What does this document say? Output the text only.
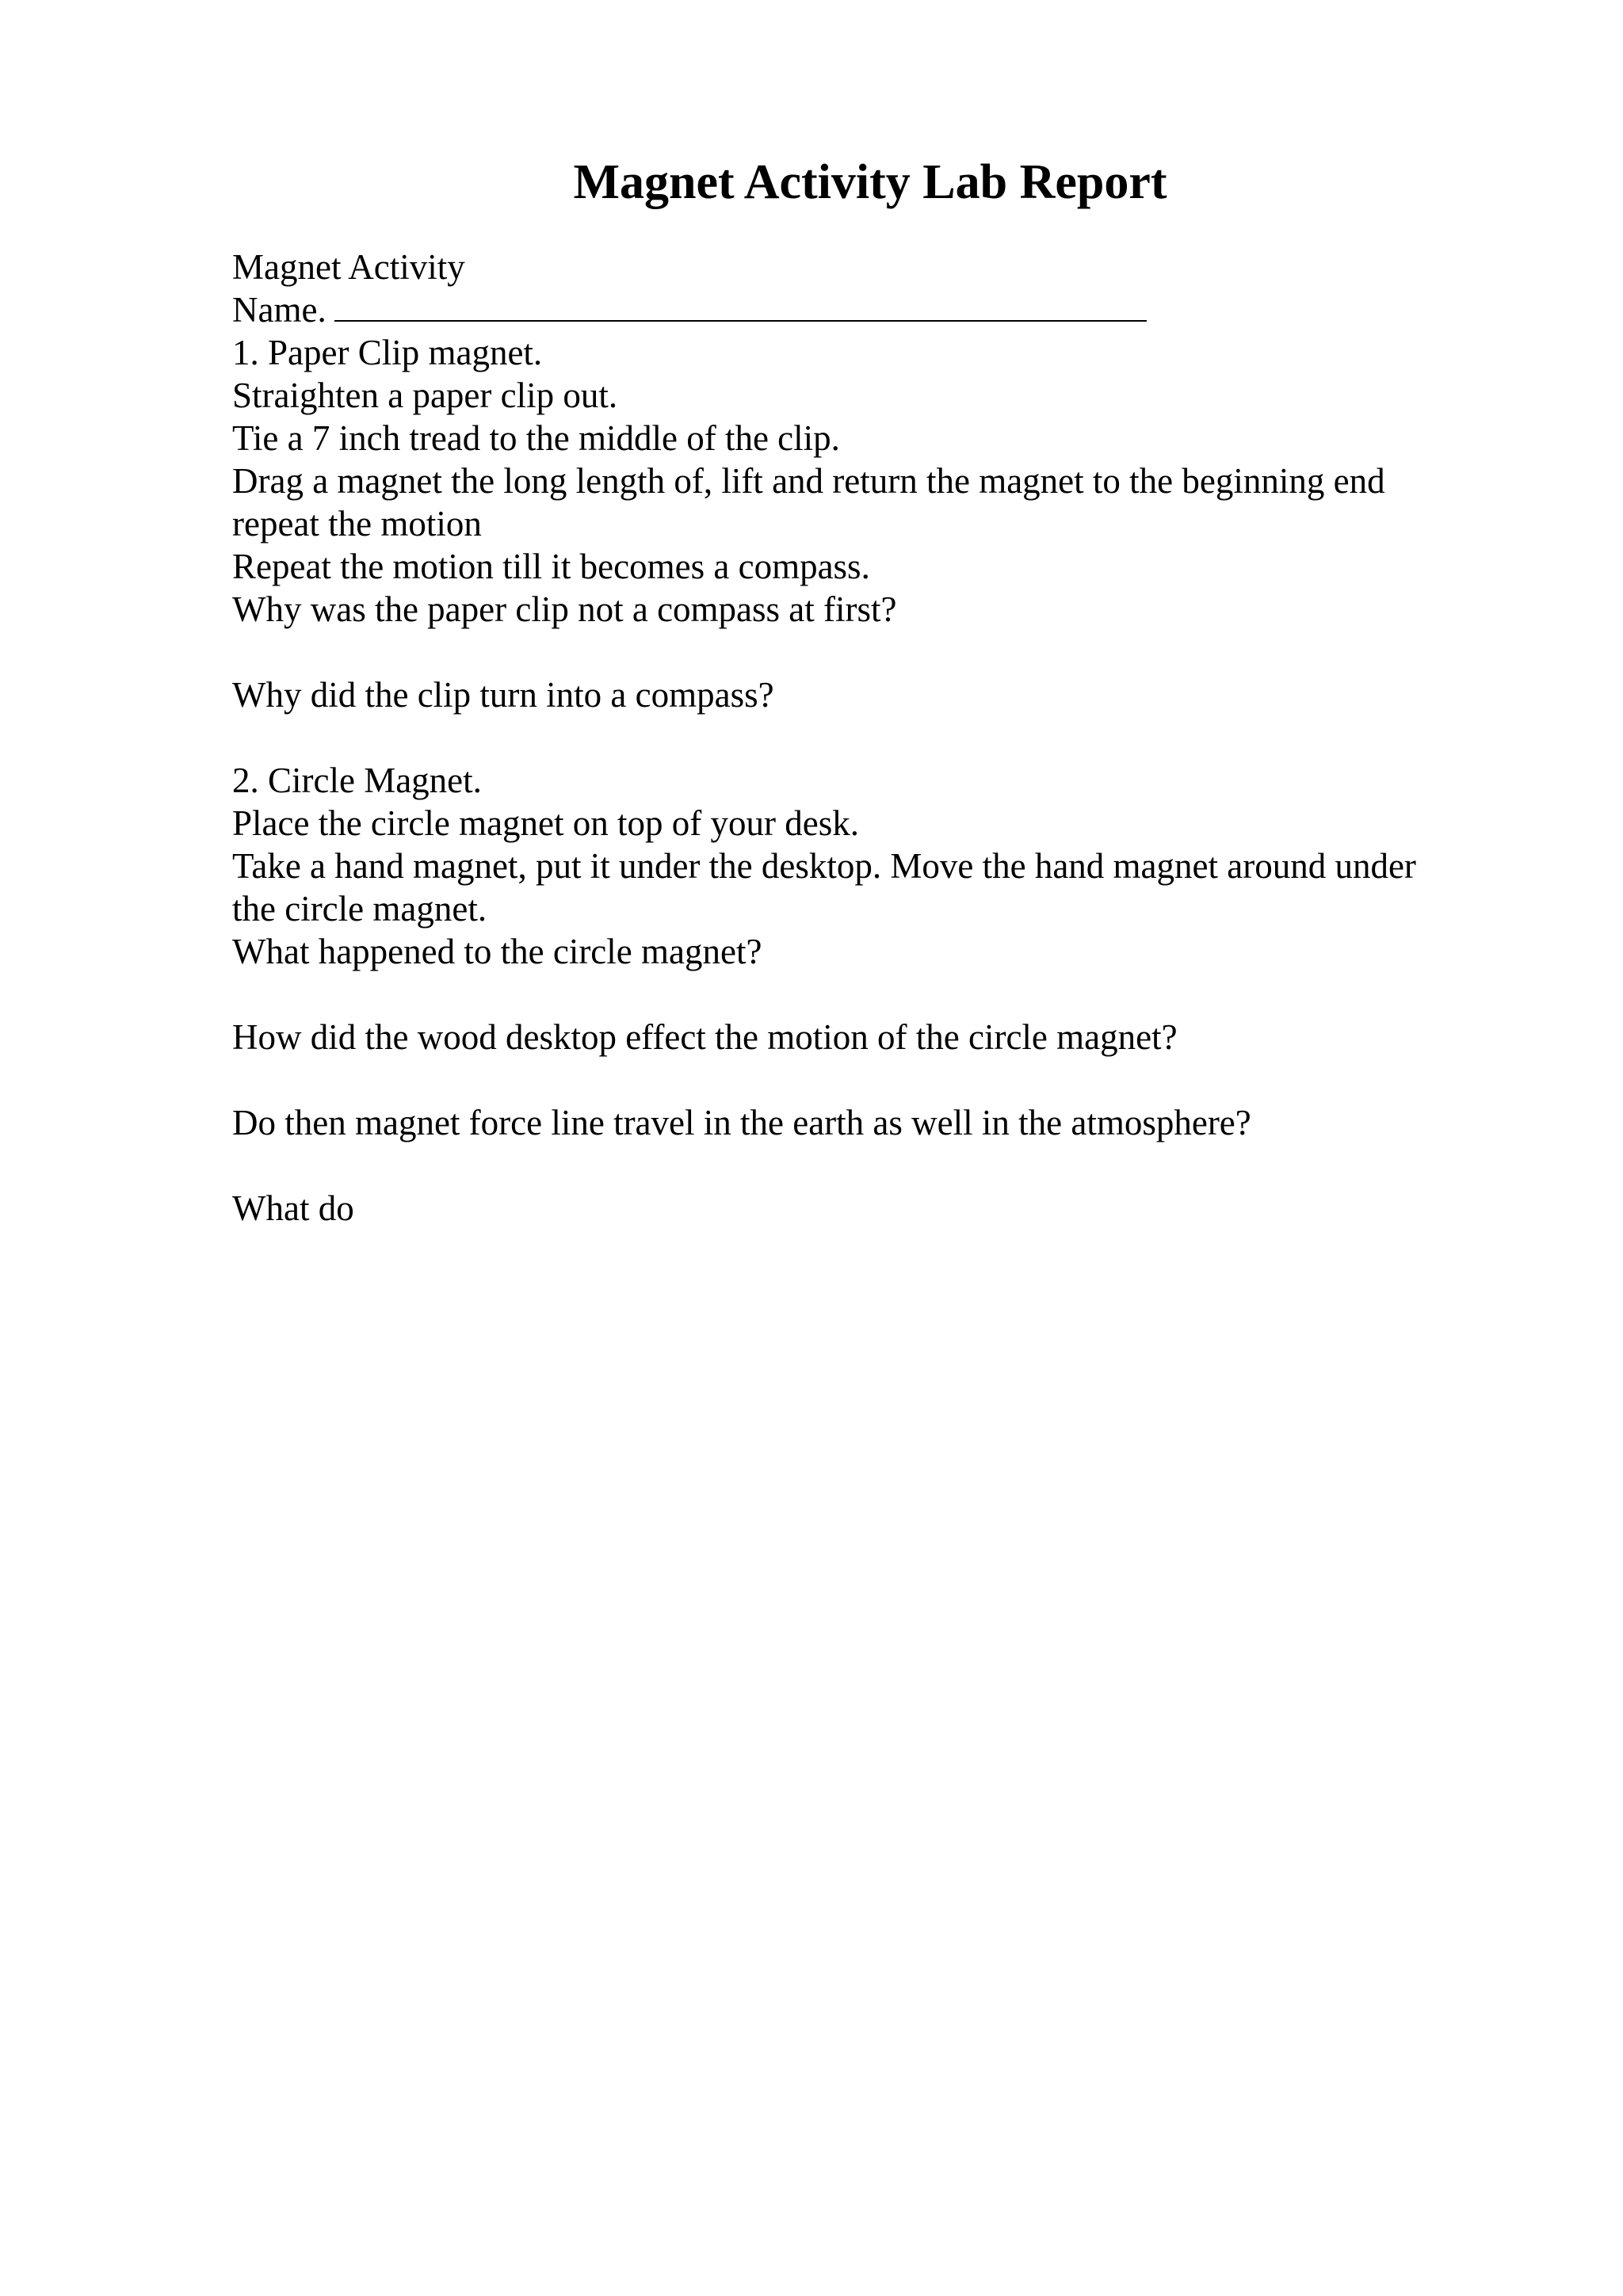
Magnet Activity Lab Report
Magnet Activity
Name.
1. Paper Clip magnet.
Straighten a paper clip out.
Tie a 7 inch tread to the middle of the clip.
Drag a magnet the long length of, lift and return the magnet to the beginning end repeat the motion
Repeat the motion till it becomes a compass.
Why was the paper clip not a compass at first?
Why did the clip turn into a compass?
2. Circle Magnet.
Place the circle magnet on top of your desk.
Take a hand magnet, put it under the desktop. Move the hand magnet around under the circle magnet.
What happened to the circle magnet?
How did the wood desktop effect the motion of the circle magnet?
Do then magnet force line travel in the earth as well in the atmosphere?
What do
